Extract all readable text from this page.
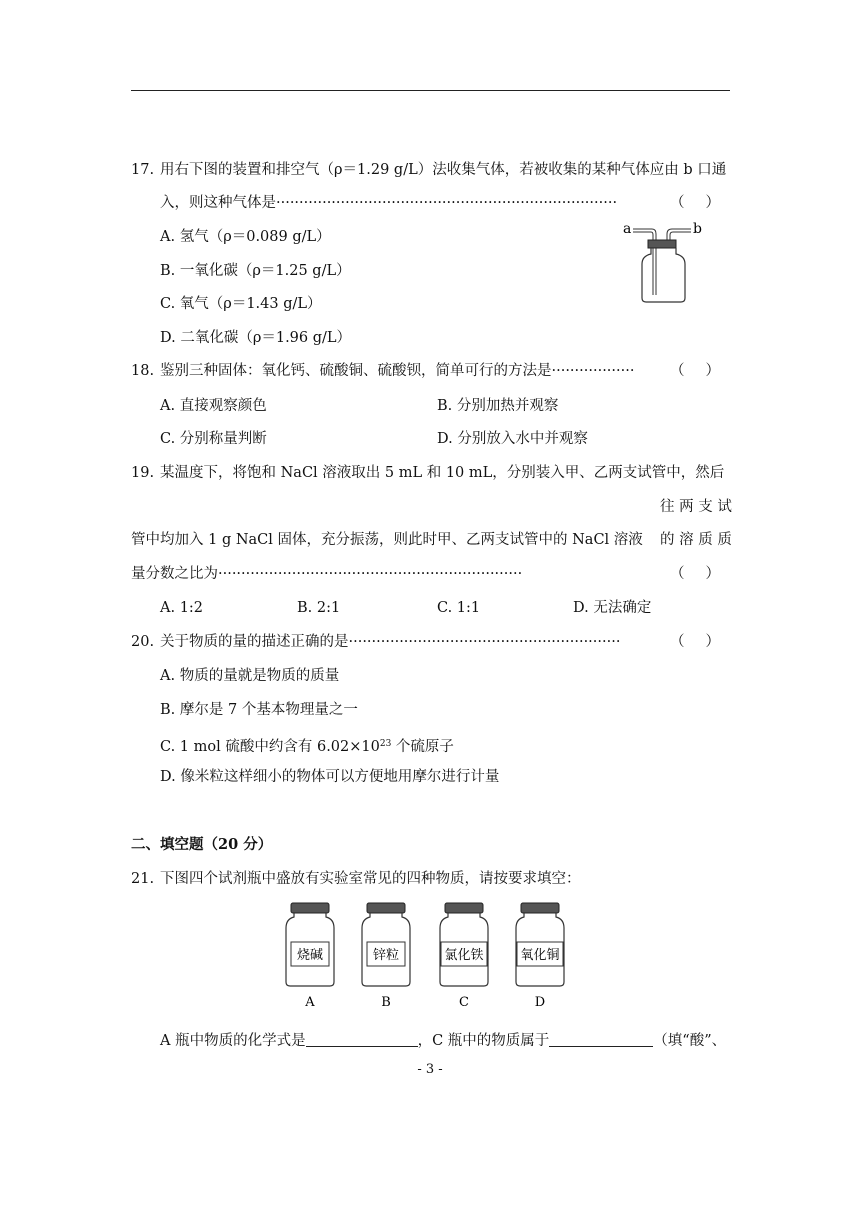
17. 用右下图的装置和排空气（ρ＝1.29 g/L）法收集气体，若被收集的某种气体应由 b 口通
入，则这种气体是··········································································	（ ）
A. 氢气（ρ＝0.089 g/L）
B. 一氧化碳（ρ＝1.25 g/L）
C. 氧气（ρ＝1.43 g/L）
D. 二氧化碳（ρ＝1.96 g/L）
a	b
18. 鉴别三种固体：氧化钙、硫酸铜、硫酸钡，简单可行的方法是··················	（ ）
A. 直接观察颜色	B. 分别加热并观察
C. 分别称量判断	D. 分别放入水中并观察
19. 某温度下，将饱和 NaCl 溶液取出 5 mL 和 10 mL，分别装入甲、乙两支试管中，然后
往 两 支 试
管中均加入 1 g NaCl 固体，充分振荡，则此时甲、乙两支试管中的 NaCl 溶液 的 溶 质 质
量分数之比为··································································	（ ）
A. 1:2	B. 2:1	C. 1:1	D. 无法确定
20. 关于物质的量的描述正确的是···························································	（ ）
A. 物质的量就是物质的质量
B. 摩尔是 7 个基本物理量之一
C. 1 mol 硫酸中约含有 $6.02\times 10^{23}$ 个硫原子
D. 像米粒这样细小的物体可以方便地用摩尔进行计量
二、填空题（20 分）
21. 下图四个试剂瓶中盛放有实验室常见的四种物质，请按要求填空：
烧碱
A
锌粒
B
氯化铁
C
氧化铜
D
A 瓶中物质的化学式是	，C 瓶中的物质属于	（填“酸”、
- 3 -
